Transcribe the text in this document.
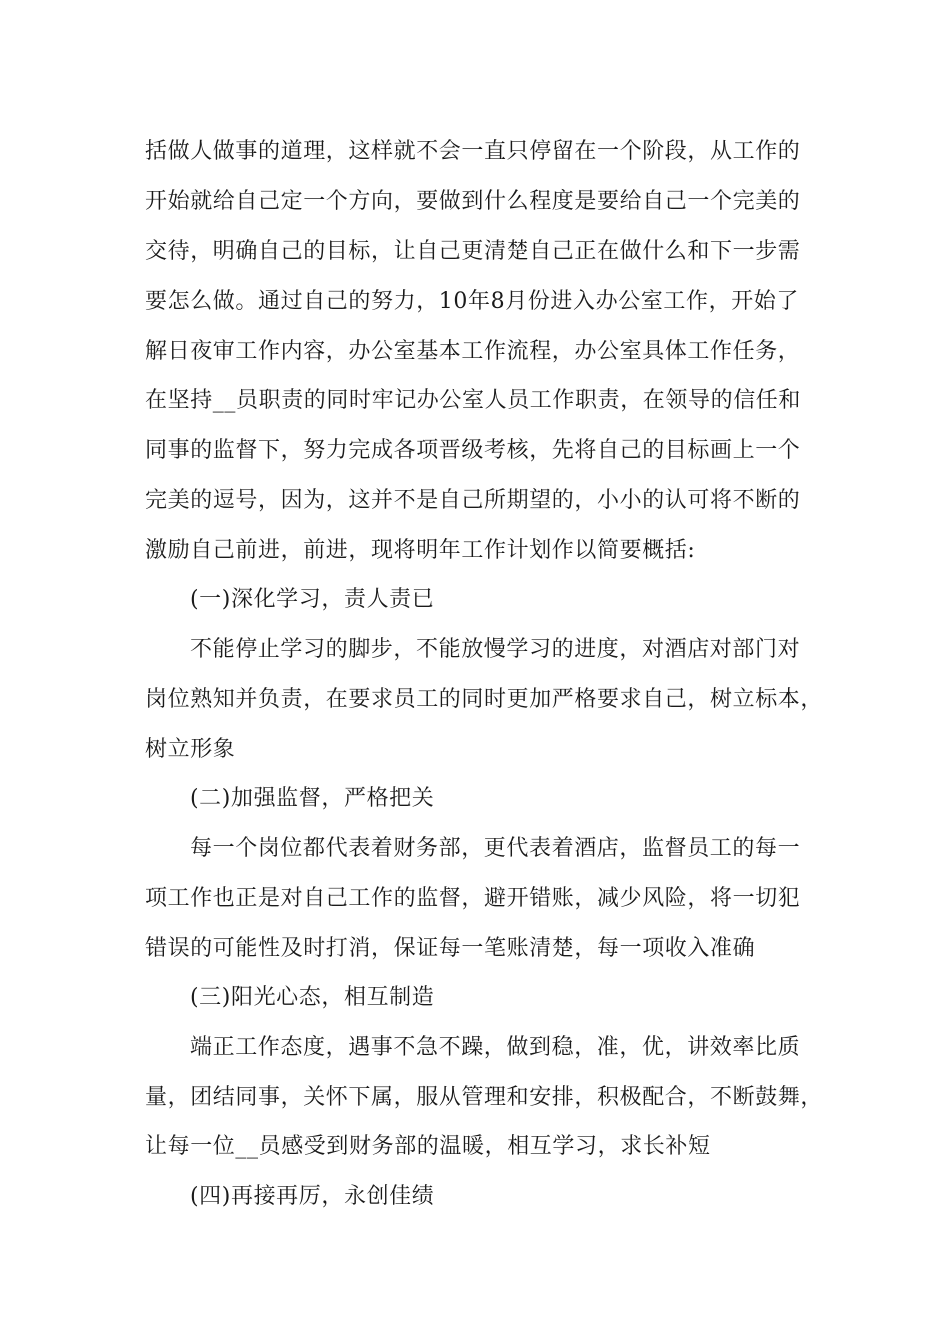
括做人做事的道理，这样就不会一直只停留在一个阶段，从工作的
开始就给自己定一个方向，要做到什么程度是要给自己一个完美的
交待，明确自己的目标，让自己更清楚自己正在做什么和下一步需
要怎么做。通过自己的努力，10年8月份进入办公室工作，开始了
解日夜审工作内容，办公室基本工作流程，办公室具体工作任务，
在坚持__员职责的同时牢记办公室人员工作职责，在领导的信任和
同事的监督下，努力完成各项晋级考核，先将自己的目标画上一个
完美的逗号，因为，这并不是自己所期望的，小小的认可将不断的
激励自己前进，前进，现将明年工作计划作以简要概括:
(一)深化学习，责人责已
不能停止学习的脚步，不能放慢学习的进度，对酒店对部门对
岗位熟知并负责，在要求员工的同时更加严格要求自己，树立标本，
树立形象
(二)加强监督，严格把关
每一个岗位都代表着财务部，更代表着酒店，监督员工的每一
项工作也正是对自己工作的监督，避开错账，减少风险，将一切犯
错误的可能性及时打消，保证每一笔账清楚，每一项收入准确
(三)阳光心态，相互制造
端正工作态度，遇事不急不躁，做到稳，准，优，讲效率比质
量，团结同事，关怀下属，服从管理和安排，积极配合，不断鼓舞，
让每一位__员感受到财务部的温暖，相互学习，求长补短
(四)再接再厉，永创佳绩
